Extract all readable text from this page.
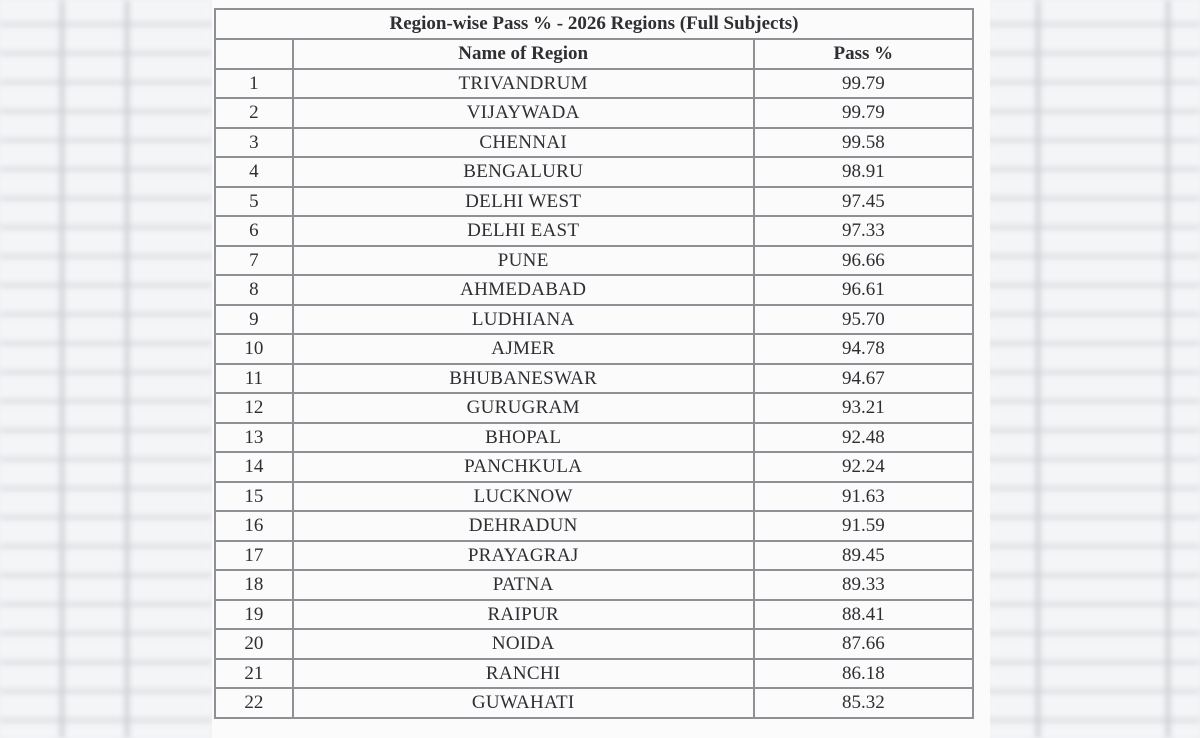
Region-wise Pass % - 2026 Regions (Full Subjects)		
	Name of Region	Pass %
1	TRIVANDRUM	99.79
2	VIJAYWADA	99.79
3	CHENNAI	99.58
4	BENGALURU	98.91
5	DELHI WEST	97.45
6	DELHI EAST	97.33
7	PUNE	96.66
8	AHMEDABAD	96.61
9	LUDHIANA	95.70
10	AJMER	94.78
11	BHUBANESWAR	94.67
12	GURUGRAM	93.21
13	BHOPAL	92.48
14	PANCHKULA	92.24
15	LUCKNOW	91.63
16	DEHRADUN	91.59
17	PRAYAGRAJ	89.45
18	PATNA	89.33
19	RAIPUR	88.41
20	NOIDA	87.66
21	RANCHI	86.18
22	GUWAHATI	85.32
